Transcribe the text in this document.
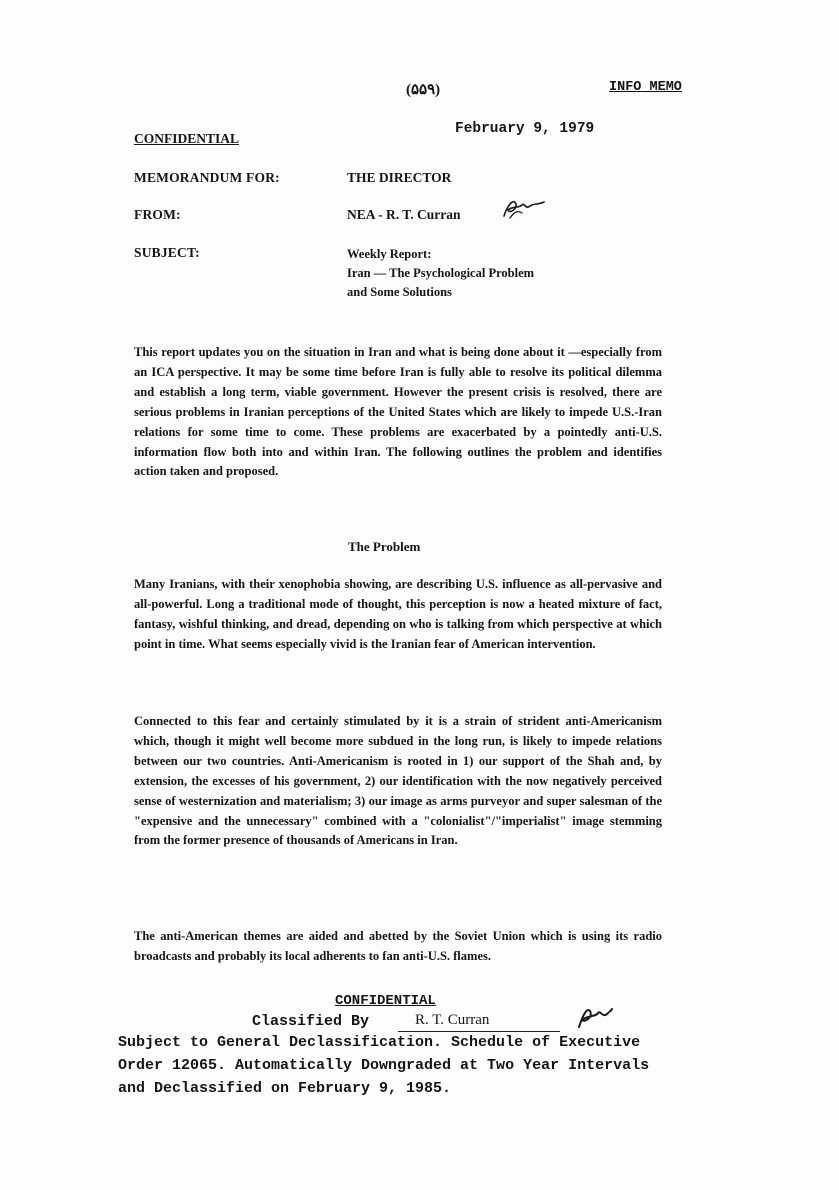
(۵۵۹)	INFO MEMO
CONFIDENTIAL
February 9, 1979
MEMORANDUM FOR:	THE DIRECTOR
FROM:	NEA - R. T. Curran
SUBJECT:	Weekly Report:
Iran — The Psychological Problem
and Some Solutions
This report updates you on the situation in Iran and what is being done about it —especially from an ICA perspective. It may be some time before Iran is fully able to resolve its political dilemma and establish a long term, viable government. However the present crisis is resolved, there are serious problems in Iranian perceptions of the United States which are likely to impede U.S.-Iran relations for some time to come. These problems are exacerbated by a pointedly anti-U.S. information flow both into and within Iran. The following outlines the problem and identifies action taken and proposed.
The Problem
Many Iranians, with their xenophobia showing, are describing U.S. influence as all-pervasive and all-powerful. Long a traditional mode of thought, this perception is now a heated mixture of fact, fantasy, wishful thinking, and dread, depending on who is talking from which perspective at which point in time. What seems especially vivid is the Iranian fear of American intervention.
Connected to this fear and certainly stimulated by it is a strain of strident anti-Americanism which, though it might well become more subdued in the long run, is likely to impede relations between our two countries. Anti-Americanism is rooted in 1) our support of the Shah and, by extension, the excesses of his government, 2) our identification with the now negatively perceived sense of westernization and materialism; 3) our image as arms purveyor and super salesman of the "expensive and the unnecessary" combined with a "colonialist"/"imperialist" image stemming from the former presence of thousands of Americans in Iran.
The anti-American themes are aided and abetted by the Soviet Union which is using its radio broadcasts and probably its local adherents to fan anti-U.S. flames.
CONFIDENTIAL
Classified By	R. T. Curran
Subject to General Declassification. Schedule of Executive
Order 12065. Automatically Downgraded at Two Year Intervals
and Declassified on February 9, 1985.
